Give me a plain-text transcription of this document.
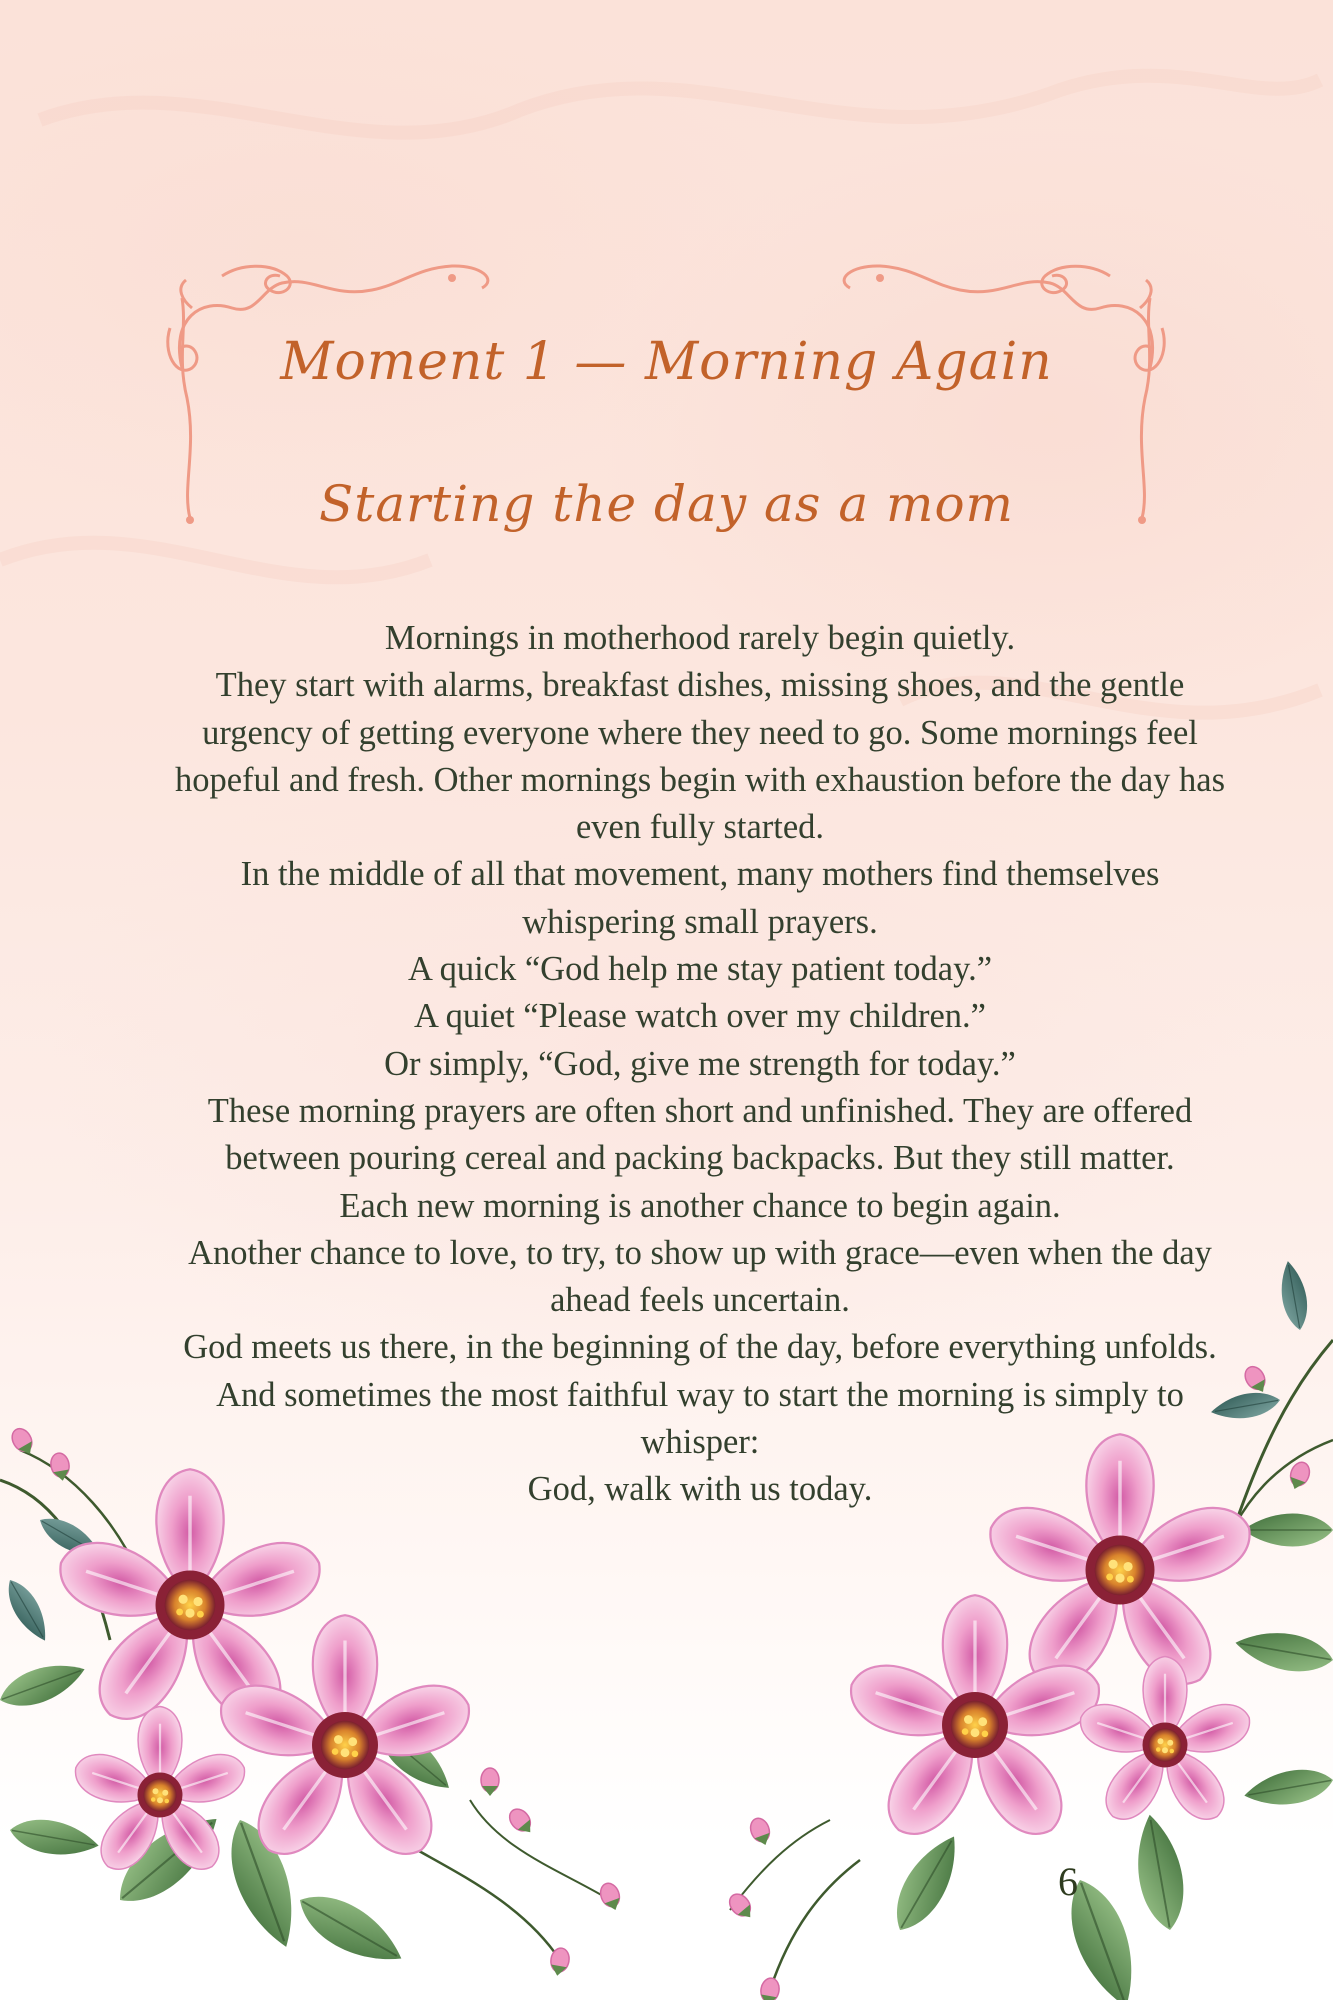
Moment 1 — Morning Again
Starting the day as a mom

Mornings in motherhood rarely begin quietly.

They start with alarms, breakfast dishes, missing shoes, and the gentle urgency of getting everyone where they need to go. Some mornings feel hopeful and fresh. Other mornings begin with exhaustion before the day has even fully started.

In the middle of all that movement, many mothers find themselves whispering small prayers.

A quick “God help me stay patient today.”

A quiet “Please watch over my children.”

Or simply, “God, give me strength for today.”

These morning prayers are often short and unfinished. They are offered between pouring cereal and packing backpacks. But they still matter.

Each new morning is another chance to begin again.

Another chance to love, to try, to show up with grace—even when the day ahead feels uncertain.

God meets us there, in the beginning of the day, before everything unfolds.

And sometimes the most faithful way to start the morning is simply to whisper:

God, walk with us today.

6
